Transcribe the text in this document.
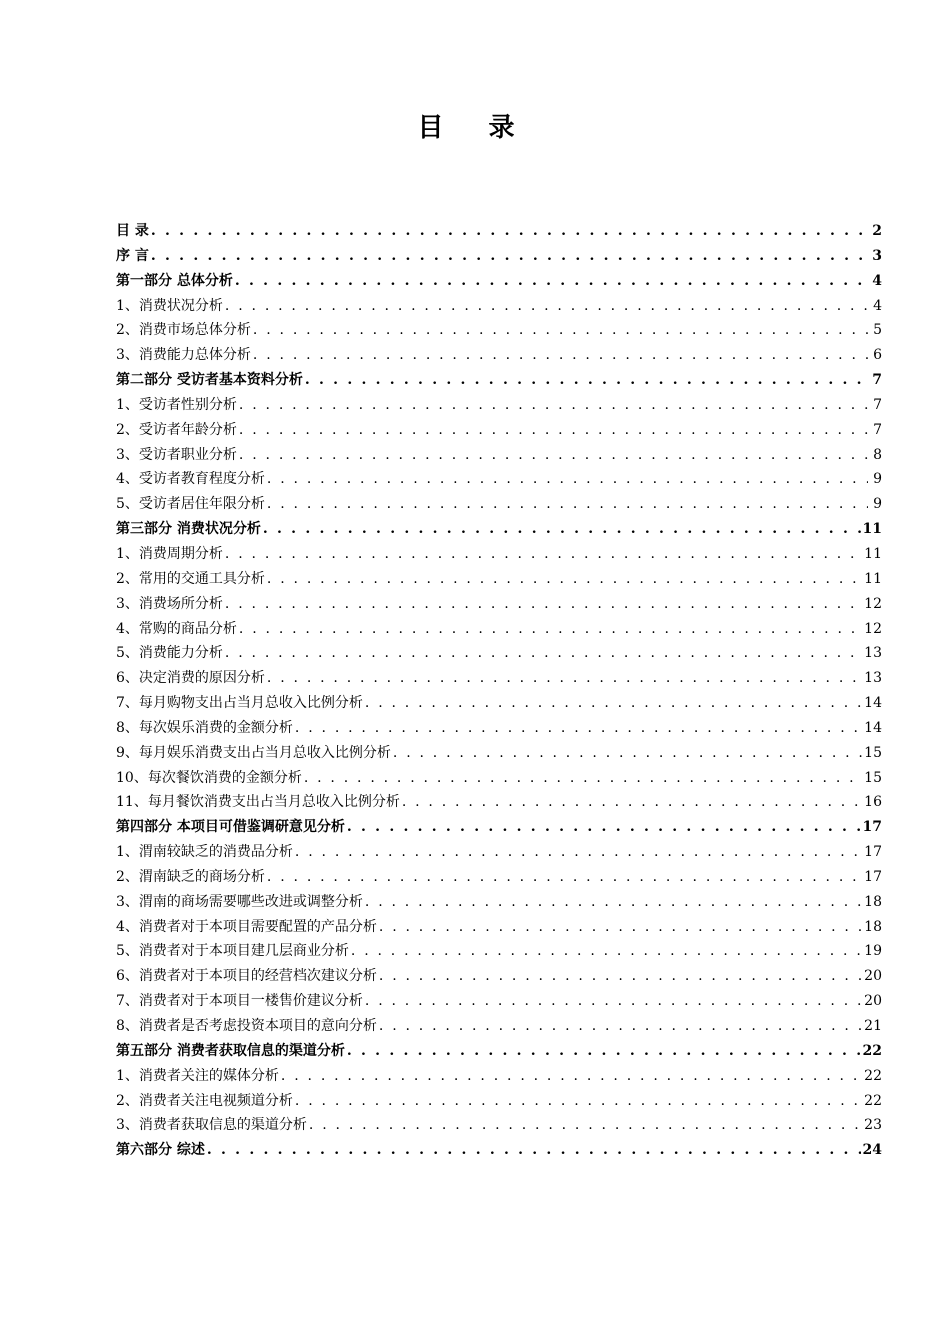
目 录
目 录 . . .	2
序 言 . . .	3
第一部分 总体分析 . . .	4
1、消费状况分析 . . .	4
2、消费市场总体分析 . . .	5
3、消费能力总体分析 . . .	6
第二部分 受访者基本资料分析 . . .	7
1、受访者性别分析 . . .	7
2、受访者年龄分析 . . .	7
3、受访者职业分析 . . .	8
4、受访者教育程度分析 . . .	9
5、受访者居住年限分析 . . .	9
第三部分 消费状况分析 . . .	11
1、消费周期分析 . . .	11
2、常用的交通工具分析 . . .	11
3、消费场所分析 . . .	12
4、常购的商品分析 . . .	12
5、消费能力分析 . . .	13
6、决定消费的原因分析 . . .	13
7、每月购物支出占当月总收入比例分析 . . .	14
8、每次娱乐消费的金额分析 . . .	14
9、每月娱乐消费支出占当月总收入比例分析 . . .	15
10、每次餐饮消费的金额分析 . . .	15
11、每月餐饮消费支出占当月总收入比例分析 . . .	16
第四部分 本项目可借鉴调研意见分析 . . .	17
1、渭南较缺乏的消费品分析 . . .	17
2、渭南缺乏的商场分析 . . .	17
3、渭南的商场需要哪些改进或调整分析 . . .	18
4、消费者对于本项目需要配置的产品分析 . . .	18
5、消费者对于本项目建几层商业分析 . . .	19
6、消费者对于本项目的经营档次建议分析 . . .	20
7、消费者对于本项目一楼售价建议分析 . . .	20
8、消费者是否考虑投资本项目的意向分析 . . .	21
第五部分 消费者获取信息的渠道分析 . . .	22
1、消费者关注的媒体分析 . . .	22
2、消费者关注电视频道分析 . . .	22
3、消费者获取信息的渠道分析 . . .	23
第六部分 综述 . . .	24
